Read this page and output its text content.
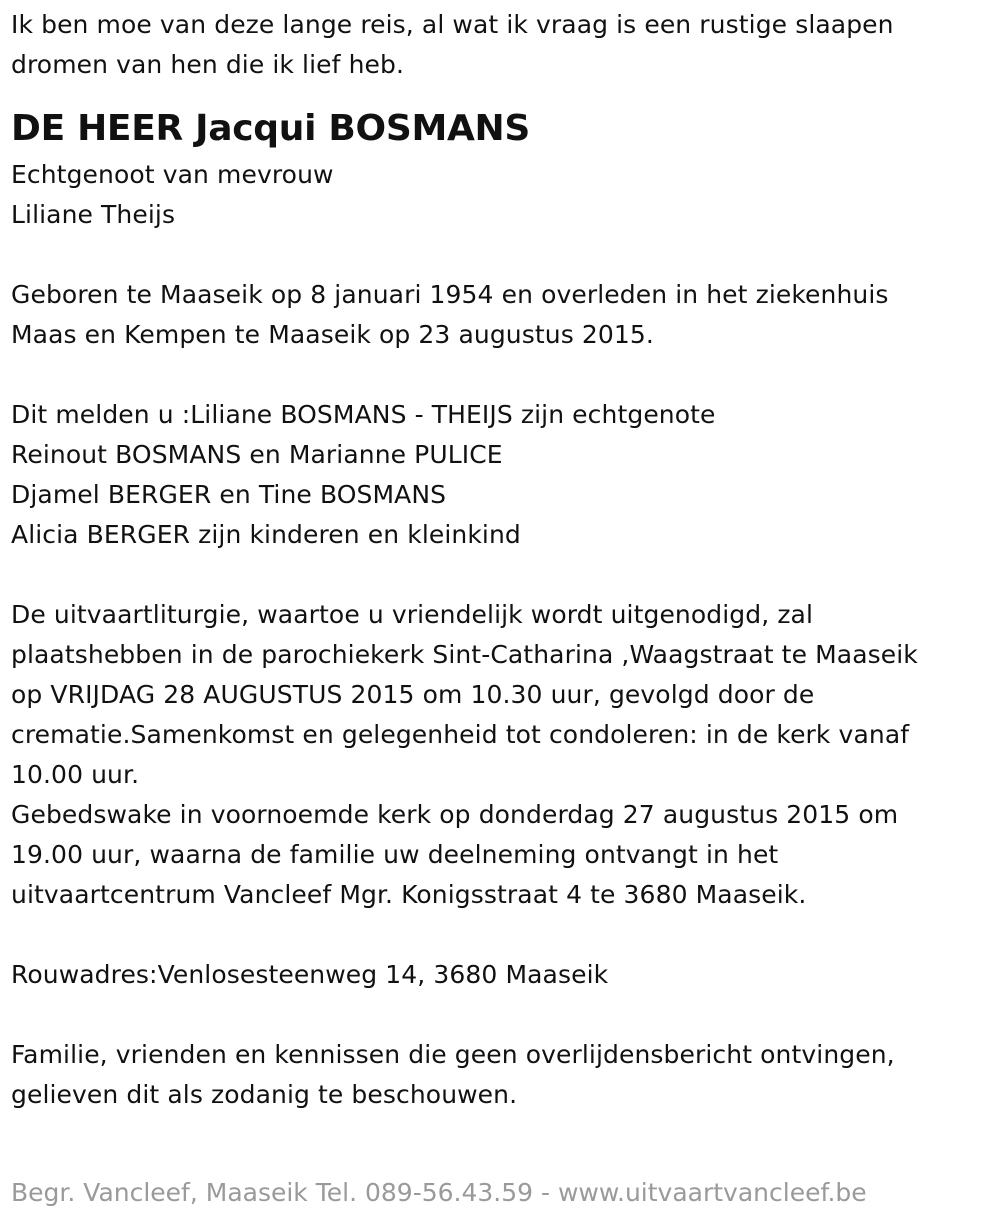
Ik ben moe van deze lange reis, al wat ik vraag is een rustige slaapen
dromen van hen die ik lief heb.
DE HEER Jacqui BOSMANS
Echtgenoot van mevrouw
Liliane Theijs
Geboren te Maaseik op 8 januari 1954 en overleden in het ziekenhuis
Maas en Kempen te Maaseik op 23 augustus 2015.
Dit melden u :Liliane BOSMANS - THEIJS zijn echtgenote
Reinout BOSMANS en Marianne PULICE
Djamel BERGER en Tine BOSMANS
Alicia BERGER zijn kinderen en kleinkind
De uitvaartliturgie, waartoe u vriendelijk wordt uitgenodigd, zal
plaatshebben in de parochiekerk Sint-Catharina ,Waagstraat te Maaseik
op VRIJDAG 28 AUGUSTUS 2015 om 10.30 uur, gevolgd door de
crematie.Samenkomst en gelegenheid tot condoleren: in de kerk vanaf
10.00 uur.
Gebedswake in voornoemde kerk op donderdag 27 augustus 2015 om
19.00 uur, waarna de familie uw deelneming ontvangt in het
uitvaartcentrum Vancleef Mgr. Konigsstraat 4 te 3680 Maaseik.
Rouwadres:Venlosesteenweg 14, 3680 Maaseik
Familie, vrienden en kennissen die geen overlijdensbericht ontvingen,
gelieven dit als zodanig te beschouwen.
Begr. Vancleef, Maaseik Tel. 089-56.43.59 - www.uitvaartvancleef.be
